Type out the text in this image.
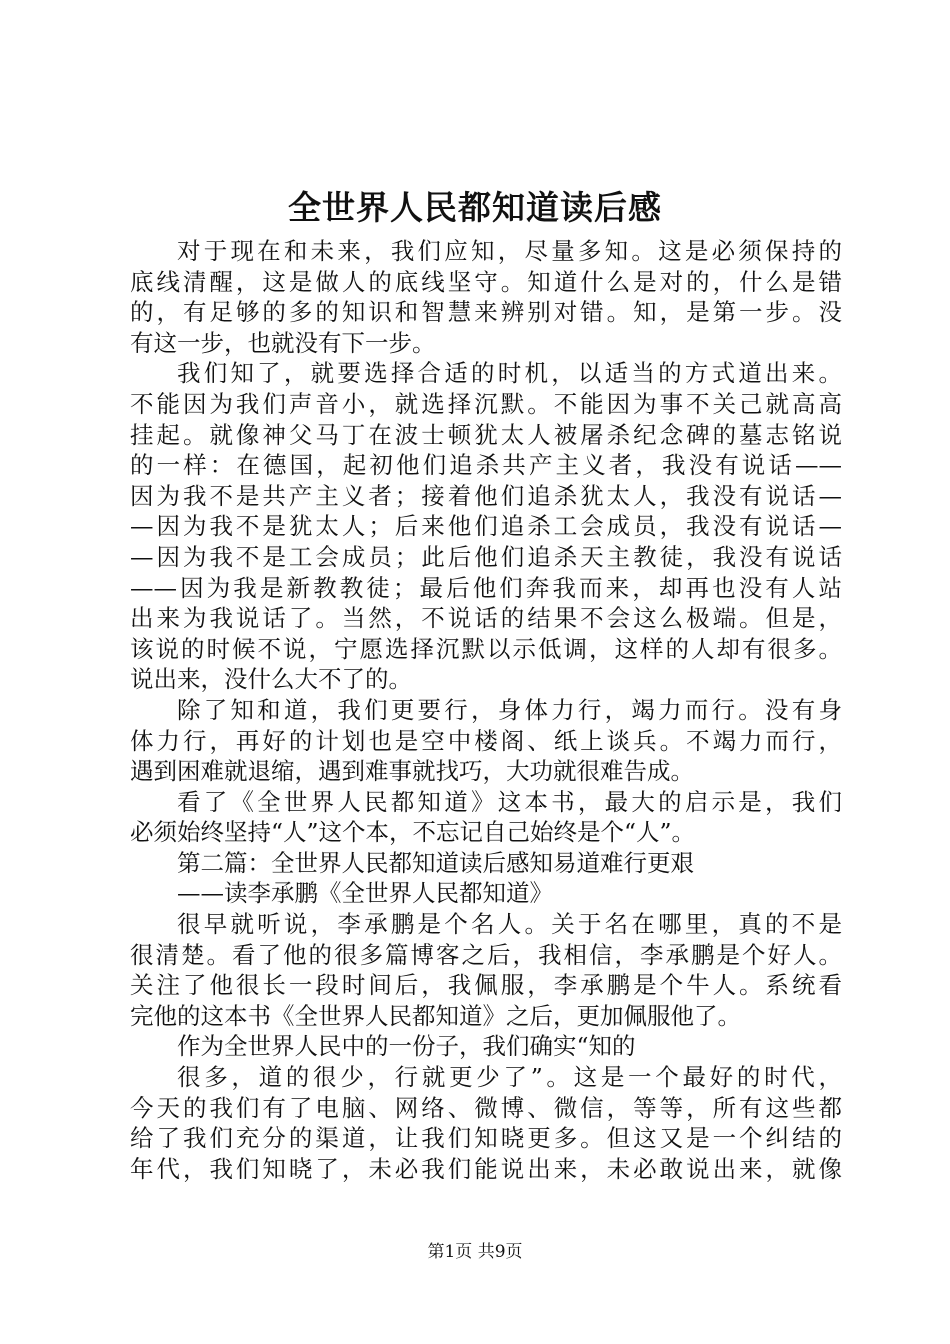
全世界人民都知道读后感
对于现在和未来，我们应知，尽量多知。这是必须保持的
底线清醒，这是做人的底线坚守。知道什么是对的，什么是错
的，有足够的多的知识和智慧来辨别对错。知，是第一步。没
有这一步，也就没有下一步。
我们知了，就要选择合适的时机，以适当的方式道出来。
不能因为我们声音小，就选择沉默。不能因为事不关己就高高
挂起。就像神父马丁在波士顿犹太人被屠杀纪念碑的墓志铭说
的一样：在德国，起初他们追杀共产主义者，我没有说话——
因为我不是共产主义者；接着他们追杀犹太人，我没有说话—
—因为我不是犹太人；后来他们追杀工会成员，我没有说话—
—因为我不是工会成员；此后他们追杀天主教徒，我没有说话
——因为我是新教教徒；最后他们奔我而来，却再也没有人站
出来为我说话了。当然，不说话的结果不会这么极端。但是，
该说的时候不说，宁愿选择沉默以示低调，这样的人却有很多。
说出来，没什么大不了的。
除了知和道，我们更要行，身体力行，竭力而行。没有身
体力行，再好的计划也是空中楼阁、纸上谈兵。不竭力而行，
遇到困难就退缩，遇到难事就找巧，大功就很难告成。
看了《全世界人民都知道》这本书，最大的启示是，我们
必须始终坚持“人”这个本，不忘记自己始终是个“人”。
第二篇：全世界人民都知道读后感知易道难行更艰
——读李承鹏《全世界人民都知道》
很早就听说，李承鹏是个名人。关于名在哪里，真的不是
很清楚。看了他的很多篇博客之后，我相信，李承鹏是个好人。
关注了他很长一段时间后，我佩服，李承鹏是个牛人。系统看
完他的这本书《全世界人民都知道》之后，更加佩服他了。
作为全世界人民中的一份子，我们确实“知的
很多，道的很少，行就更少了”。这是一个最好的时代，
今天的我们有了电脑、网络、微博、微信，等等，所有这些都
给了我们充分的渠道，让我们知晓更多。但这又是一个纠结的
年代，我们知晓了，未必我们能说出来，未必敢说出来，就像
第1页 共9页
